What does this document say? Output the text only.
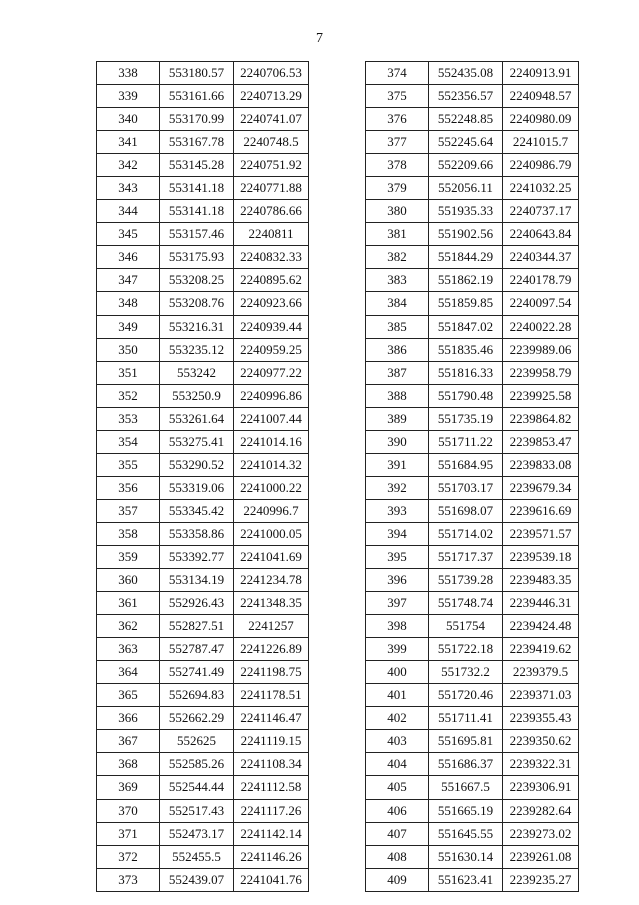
7
338	553180.57	2240706.53
339	553161.66	2240713.29
340	553170.99	2240741.07
341	553167.78	2240748.5
342	553145.28	2240751.92
343	553141.18	2240771.88
344	553141.18	2240786.66
345	553157.46	2240811
346	553175.93	2240832.33
347	553208.25	2240895.62
348	553208.76	2240923.66
349	553216.31	2240939.44
350	553235.12	2240959.25
351	553242	2240977.22
352	553250.9	2240996.86
353	553261.64	2241007.44
354	553275.41	2241014.16
355	553290.52	2241014.32
356	553319.06	2241000.22
357	553345.42	2240996.7
358	553358.86	2241000.05
359	553392.77	2241041.69
360	553134.19	2241234.78
361	552926.43	2241348.35
362	552827.51	2241257
363	552787.47	2241226.89
364	552741.49	2241198.75
365	552694.83	2241178.51
366	552662.29	2241146.47
367	552625	2241119.15
368	552585.26	2241108.34
369	552544.44	2241112.58
370	552517.43	2241117.26
371	552473.17	2241142.14
372	552455.5	2241146.26
373	552439.07	2241041.76
374	552435.08	2240913.91
375	552356.57	2240948.57
376	552248.85	2240980.09
377	552245.64	2241015.7
378	552209.66	2240986.79
379	552056.11	2241032.25
380	551935.33	2240737.17
381	551902.56	2240643.84
382	551844.29	2240344.37
383	551862.19	2240178.79
384	551859.85	2240097.54
385	551847.02	2240022.28
386	551835.46	2239989.06
387	551816.33	2239958.79
388	551790.48	2239925.58
389	551735.19	2239864.82
390	551711.22	2239853.47
391	551684.95	2239833.08
392	551703.17	2239679.34
393	551698.07	2239616.69
394	551714.02	2239571.57
395	551717.37	2239539.18
396	551739.28	2239483.35
397	551748.74	2239446.31
398	551754	2239424.48
399	551722.18	2239419.62
400	551732.2	2239379.5
401	551720.46	2239371.03
402	551711.41	2239355.43
403	551695.81	2239350.62
404	551686.37	2239322.31
405	551667.5	2239306.91
406	551665.19	2239282.64
407	551645.55	2239273.02
408	551630.14	2239261.08
409	551623.41	2239235.27
